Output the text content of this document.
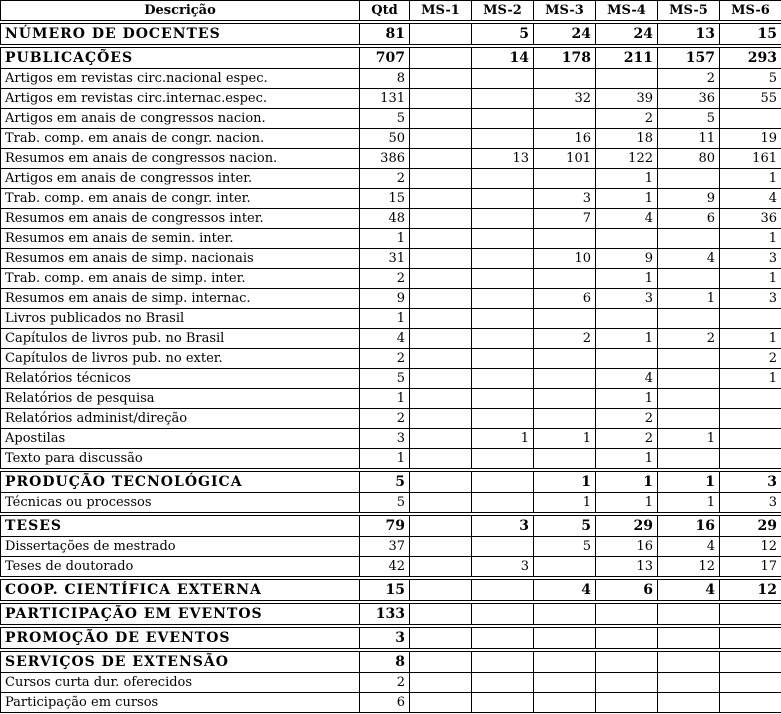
Descrição	Qtd	MS-1	MS-2	MS-3	MS-4	MS-5	MS-6

NÚMERO DE DOCENTES	81		5	24	24	13	15

PUBLICAÇÕES	707		14	178	211	157	293
Artigos em revistas circ.nacional espec.	8					2	5
Artigos em revistas circ.internac.espec.	131			32	39	36	55
Artigos em anais de congressos nacion.	5				2	5	
Trab. comp. em anais de congr. nacion.	50			16	18	11	19
Resumos em anais de congressos nacion.	386		13	101	122	80	161
Artigos em anais de congressos inter.	2				1		1
Trab. comp. em anais de congr. inter.	15			3	1	9	4
Resumos em anais de congressos inter.	48			7	4	6	36
Resumos em anais de semin. inter.	1						1
Resumos em anais de simp. nacionais	31			10	9	4	3
Trab. comp. em anais de simp. inter.	2				1		1
Resumos em anais de simp. internac.	9			6	3	1	3
Livros publicados no Brasil	1						
Capítulos de livros pub. no Brasil	4			2	1	2	1
Capítulos de livros pub. no exter.	2						2
Relatórios técnicos	5				4		1
Relatórios de pesquisa	1				1		
Relatórios administ/direção	2				2		
Apostilas	3		1	1	2	1	
Texto para discussão	1				1		

PRODUÇÃO TECNOLÓGICA	5			1	1	1	3
Técnicas ou processos	5			1	1	1	3

TESES	79		3	5	29	16	29
Dissertações de mestrado	37			5	16	4	12
Teses de doutorado	42		3		13	12	17

COOP. CIENTÍFICA EXTERNA	15			4	6	4	12

PARTICIPAÇÃO EM EVENTOS	133						

PROMOÇÃO DE EVENTOS	3						

SERVIÇOS DE EXTENSÃO	8						
Cursos curta dur. oferecidos	2						
Participação em cursos	6						
